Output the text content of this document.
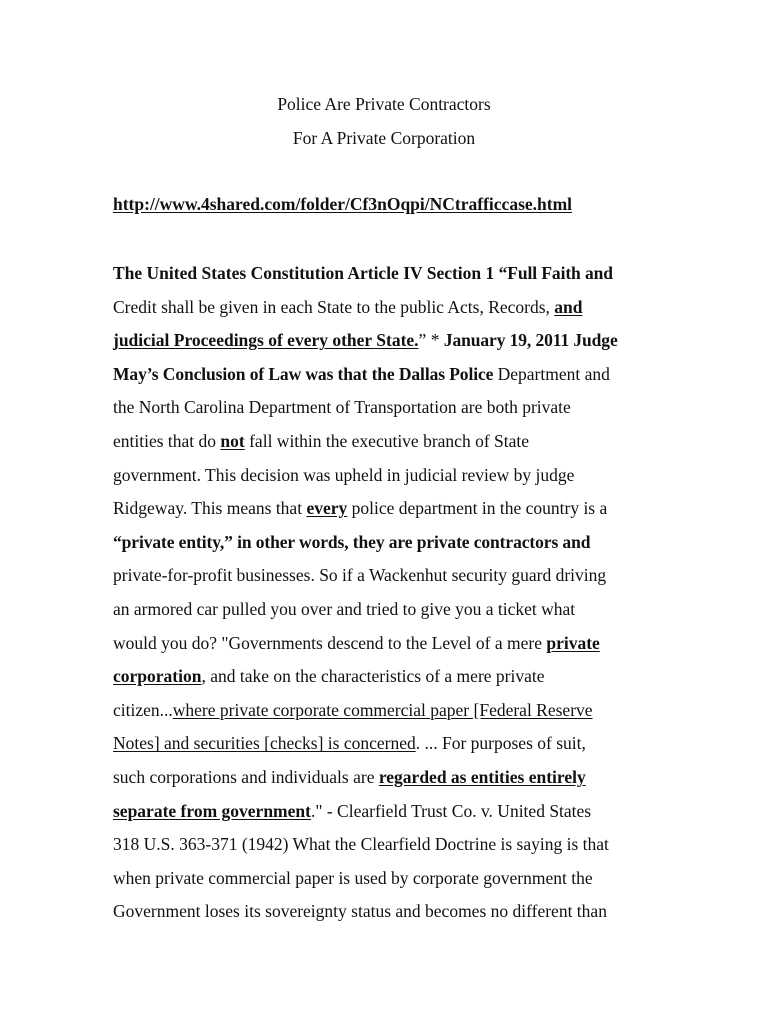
Police Are Private Contractors
For A Private Corporation
http://www.4shared.com/folder/Cf3nOqpi/NCtrafficcase.html
The United States Constitution Article IV Section 1 “Full Faith and
Credit shall be given in each State to the public Acts, Records, and
judicial Proceedings of every other State.” * January 19, 2011 Judge
May’s Conclusion of Law was that the Dallas Police Department and
the North Carolina Department of Transportation are both private
entities that do not fall within the executive branch of State
government. This decision was upheld in judicial review by judge
Ridgeway. This means that every police department in the country is a
“private entity,” in other words, they are private contractors and
private-for-profit businesses. So if a Wackenhut security guard driving
an armored car pulled you over and tried to give you a ticket what
would you do? "Governments descend to the Level of a mere private
corporation, and take on the characteristics of a mere private
citizen...where private corporate commercial paper [Federal Reserve
Notes] and securities [checks] is concerned. ... For purposes of suit,
such corporations and individuals are regarded as entities entirely
separate from government." - Clearfield Trust Co. v. United States
318 U.S. 363-371 (1942) What the Clearfield Doctrine is saying is that
when private commercial paper is used by corporate government the
Government loses its sovereignty status and becomes no different than
